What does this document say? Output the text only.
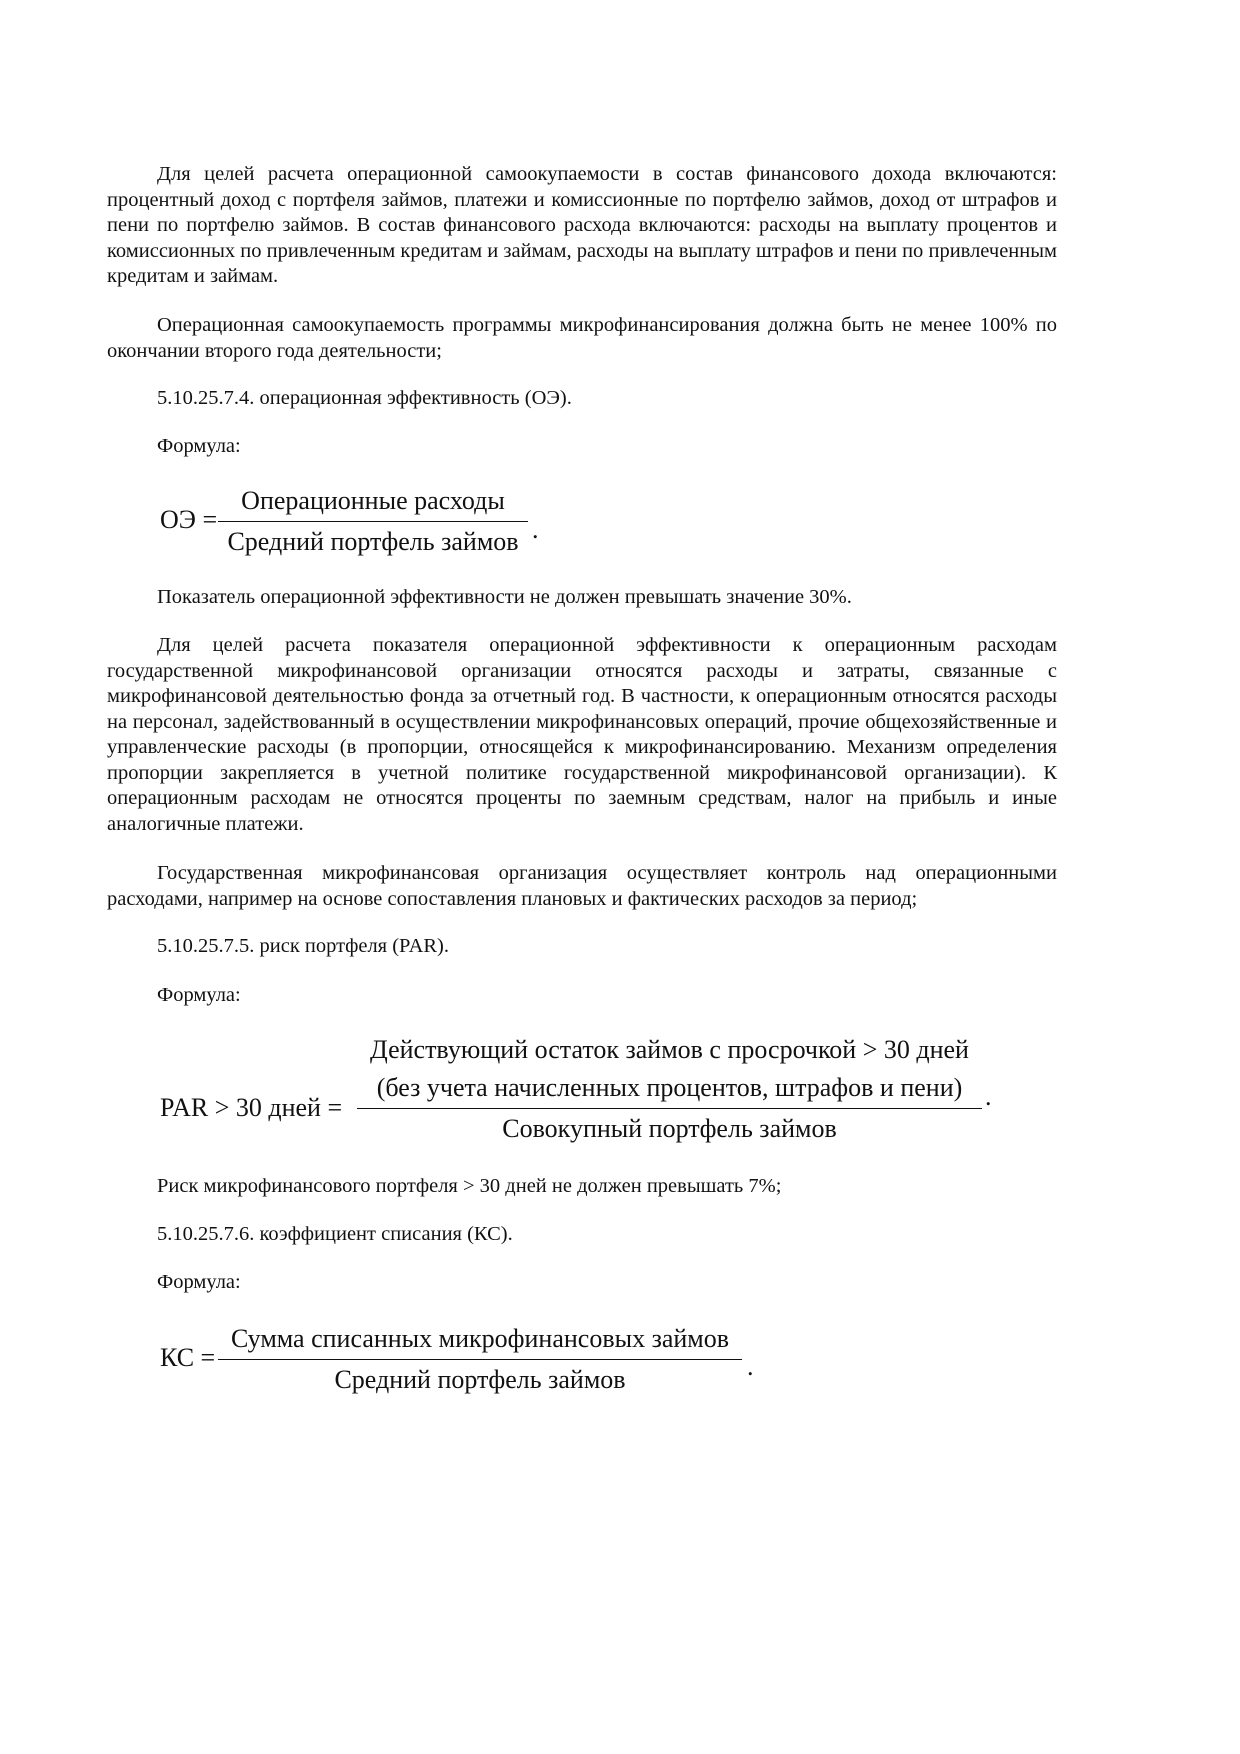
Для целей расчета операционной самоокупаемости в состав финансового дохода включаются: процентный доход с портфеля займов, платежи и комиссионные по портфелю займов, доход от штрафов и пени по портфелю займов. В состав финансового расхода включаются: расходы на выплату процентов и комиссионных по привлеченным кредитам и займам, расходы на выплату штрафов и пени по привлеченным кредитам и займам.
Операционная самоокупаемость программы микрофинансирования должна быть не менее 100% по окончании второго года деятельности;
5.10.25.7.4. операционная эффективность (ОЭ).
Формула:
ОЭ =
Операционные расходы
Средний портфель займов .
Показатель операционной эффективности не должен превышать значение 30%.
Для целей расчета показателя операционной эффективности к операционным расходам государственной микрофинансовой организации относятся расходы и затраты, связанные с микрофинансовой деятельностью фонда за отчетный год. В частности, к операционным относятся расходы на персонал, задействованный в осуществлении микрофинансовых операций, прочие общехозяйственные и управленческие расходы (в пропорции, относящейся к микрофинансированию. Механизм определения пропорции закрепляется в учетной политике государственной микрофинансовой организации). К операционным расходам не относятся проценты по заемным средствам, налог на прибыль и иные аналогичные платежи.
Государственная микрофинансовая организация осуществляет контроль над операционными расходами, например на основе сопоставления плановых и фактических расходов за период;
5.10.25.7.5. риск портфеля (PAR).
Формула:
PAR > 30 дней =
Действующий остаток займов с просрочкой > 30 дней
(без учета начисленных процентов, штрафов и пени)
Совокупный портфель займов
.
Риск микрофинансового портфеля > 30 дней не должен превышать 7%;
5.10.25.7.6. коэффициент списания (КС).
Формула:
КС =
Сумма списанных микрофинансовых займов
Средний портфель займов	.
